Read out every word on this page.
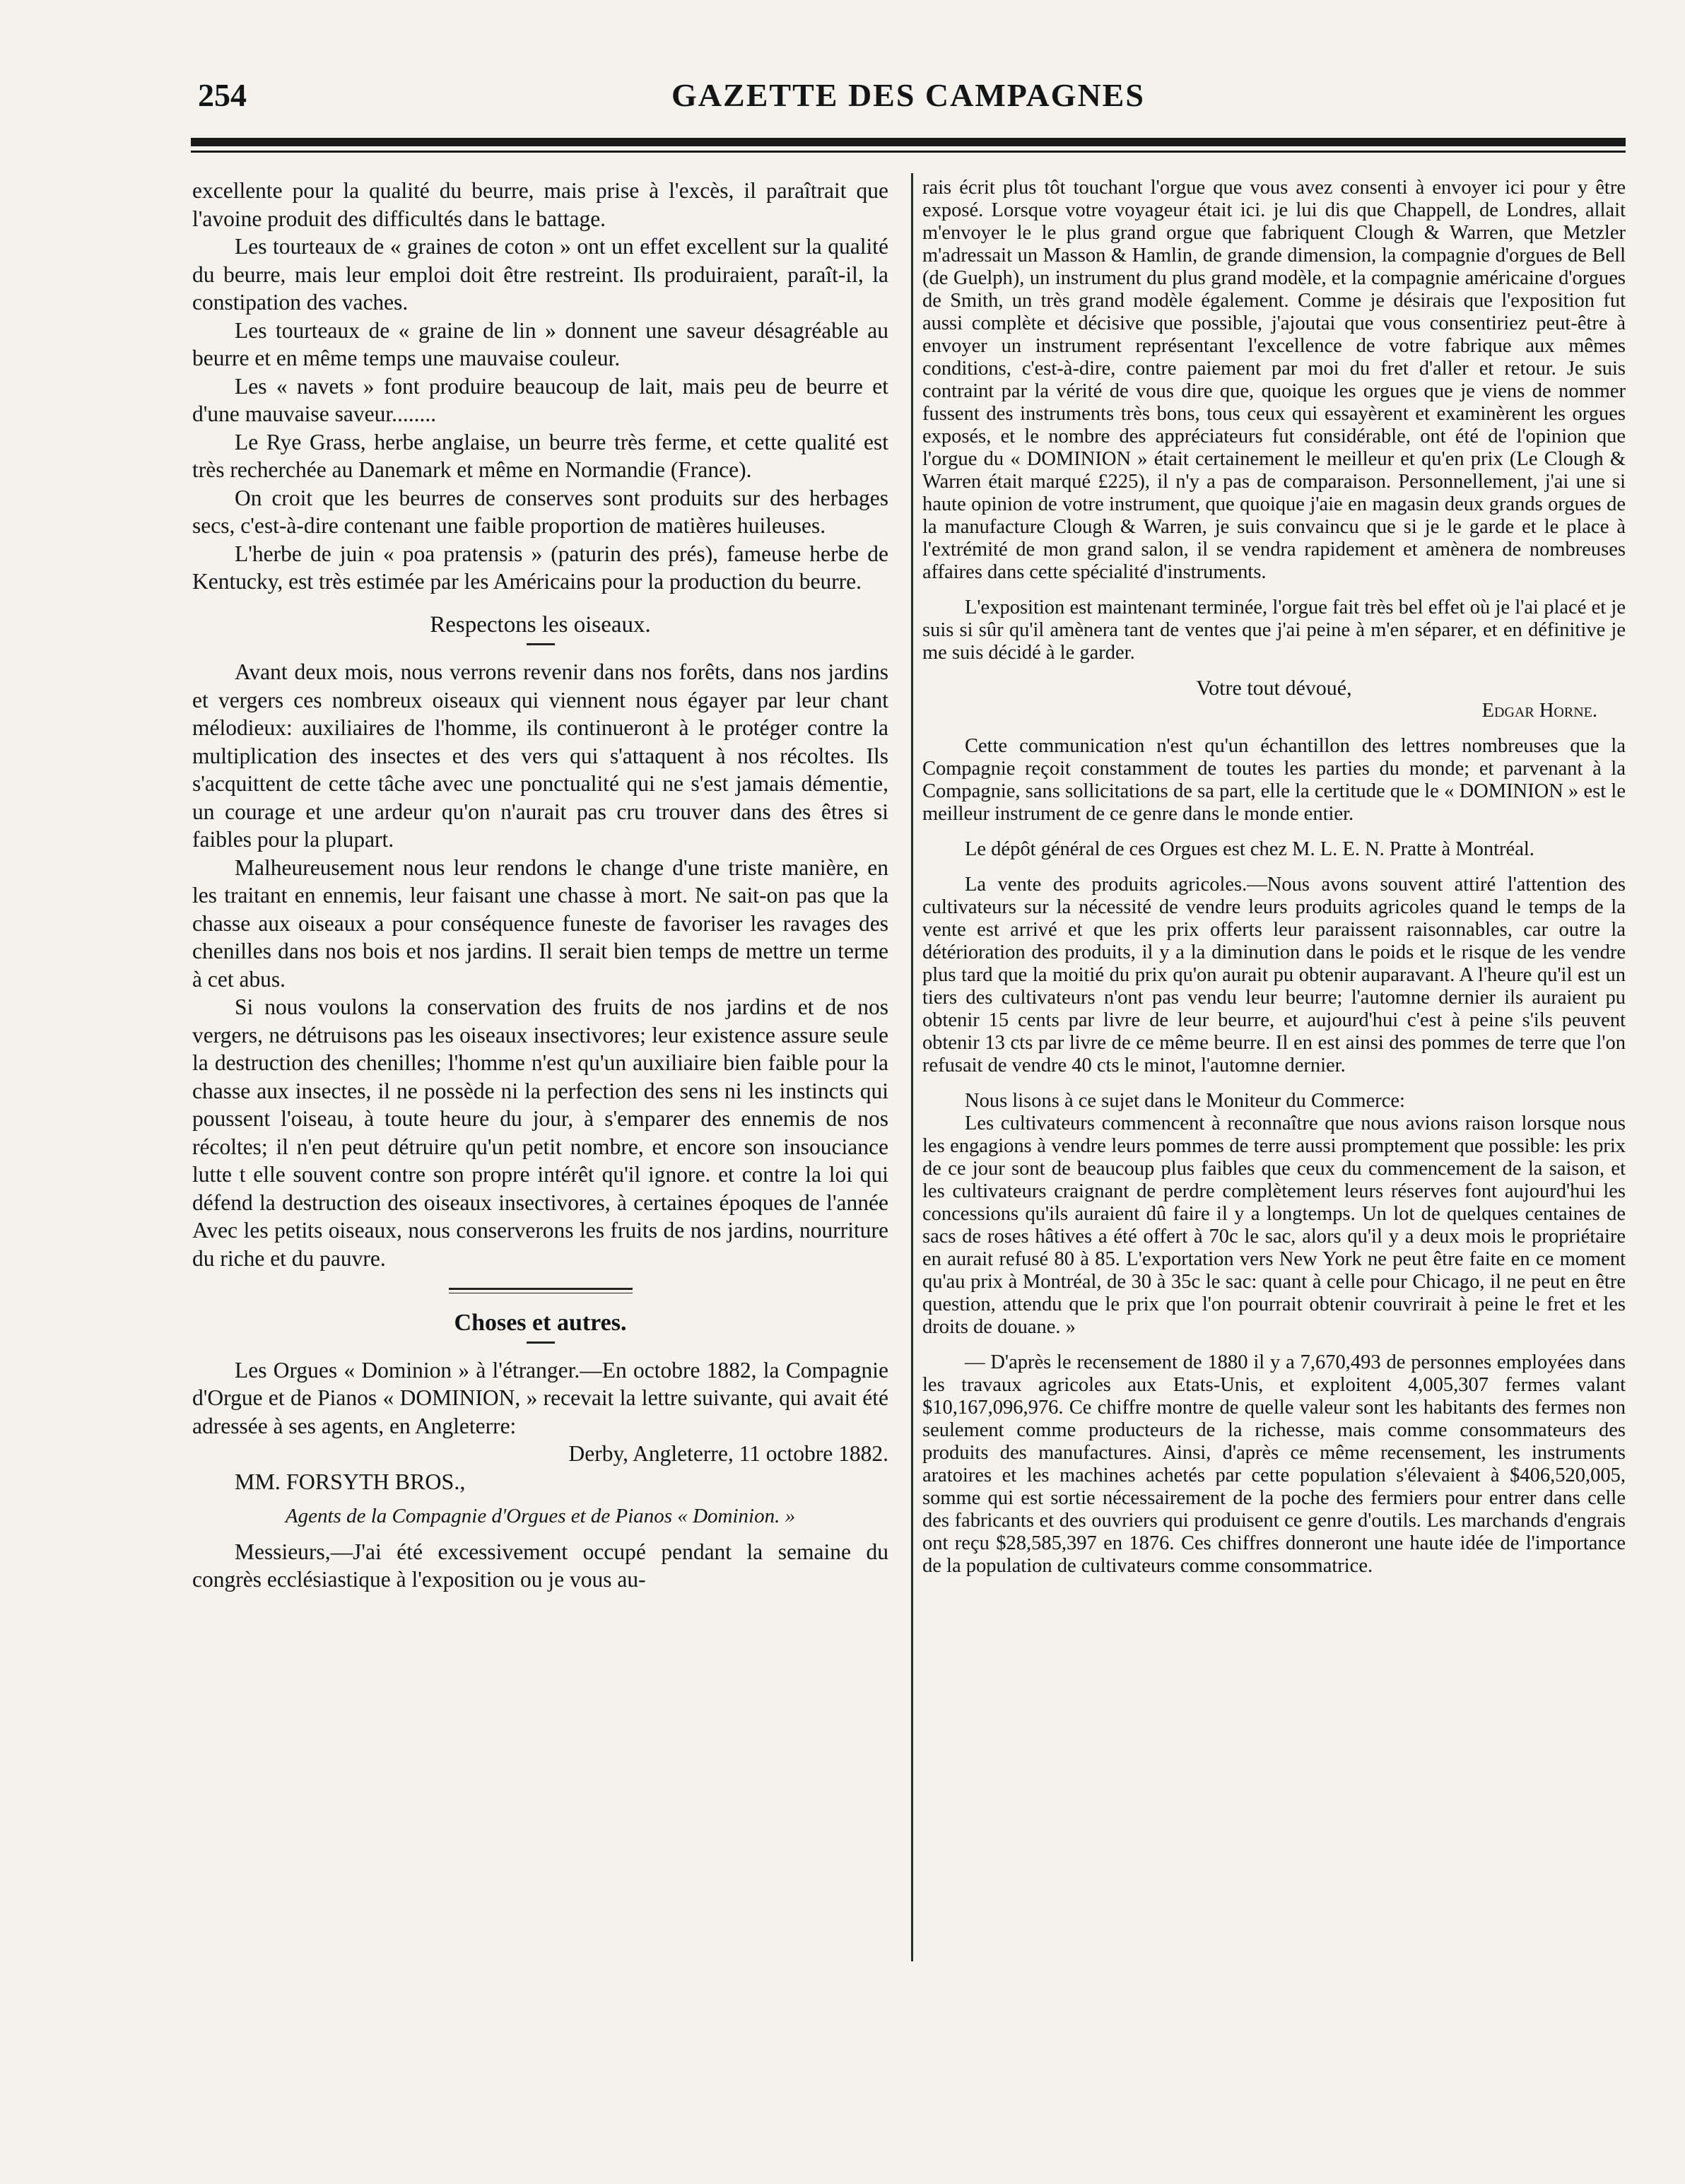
254	GAZETTE DES CAMPAGNES

excellente pour la qualité du beurre, mais prise à l'excès, il paraîtrait que l'avoine produit des difficultés dans le battage.

Les tourteaux de « graines de coton » ont un effet excellent sur la qualité du beurre, mais leur emploi doit être restreint. Ils produiraient, paraît-il, la constipation des vaches.

Les tourteaux de « graine de lin » donnent une saveur désagréable au beurre et en même temps une mauvaise couleur.

Les « navets » font produire beaucoup de lait, mais peu de beurre et d'une mauvaise saveur........

Le Rye Grass, herbe anglaise, un beurre très ferme, et cette qualité est très recherchée au Danemark et même en Normandie (France).

On croit que les beurres de conserves sont produits sur des herbages secs, c'est-à-dire contenant une faible proportion de matières huileuses.

L'herbe de juin « poa pratensis » (paturin des prés), fameuse herbe de Kentucky, est très estimée par les Américains pour la production du beurre.

Respectons les oiseaux.

Avant deux mois, nous verrons revenir dans nos forêts, dans nos jardins et vergers ces nombreux oiseaux qui viennent nous égayer par leur chant mélodieux: auxiliaires de l'homme, ils continueront à le protéger contre la multiplication des insectes et des vers qui s'attaquent à nos récoltes. Ils s'acquittent de cette tâche avec une ponctualité qui ne s'est jamais démentie, un courage et une ardeur qu'on n'aurait pas cru trouver dans des êtres si faibles pour la plupart.

Malheureusement nous leur rendons le change d'une triste manière, en les traitant en ennemis, leur faisant une chasse à mort. Ne sait-on pas que la chasse aux oiseaux a pour conséquence funeste de favoriser les ravages des chenilles dans nos bois et nos jardins. Il serait bien temps de mettre un terme à cet abus.

Si nous voulons la conservation des fruits de nos jardins et de nos vergers, ne détruisons pas les oiseaux insectivores; leur existence assure seule la destruction des chenilles; l'homme n'est qu'un auxiliaire bien faible pour la chasse aux insectes, il ne possède ni la perfection des sens ni les instincts qui poussent l'oiseau, à toute heure du jour, à s'emparer des ennemis de nos récoltes; il n'en peut détruire qu'un petit nombre, et encore son insouciance lutte t elle souvent contre son propre intérêt qu'il ignore. et contre la loi qui défend la destruction des oiseaux insectivores, à certaines époques de l'année Avec les petits oiseaux, nous conserverons les fruits de nos jardins, nourriture du riche et du pauvre.

Choses et autres.

Les Orgues « Dominion » à l'étranger.—En octobre 1882, la Compagnie d'Orgue et de Pianos « DOMINION, » recevait la lettre suivante, qui avait été adressée à ses agents, en Angleterre:

Derby, Angleterre, 11 octobre 1882.

MM. FORSYTH BROS.,

Agents de la Compagnie d'Orgues et de Pianos « Dominion. »

Messieurs,—J'ai été excessivement occupé pendant la semaine du congrès ecclésiastique à l'exposition ou je vous au-

rais écrit plus tôt touchant l'orgue que vous avez consenti à envoyer ici pour y être exposé. Lorsque votre voyageur était ici. je lui dis que Chappell, de Londres, allait m'envoyer le le plus grand orgue que fabriquent Clough & Warren, que Metzler m'adressait un Masson & Hamlin, de grande dimension, la compagnie d'orgues de Bell (de Guelph), un instrument du plus grand modèle, et la compagnie américaine d'orgues de Smith, un très grand modèle également. Comme je désirais que l'exposition fut aussi complète et décisive que possible, j'ajoutai que vous consentiriez peut-être à envoyer un instrument représentant l'excellence de votre fabrique aux mêmes conditions, c'est-à-dire, contre paiement par moi du fret d'aller et retour. Je suis contraint par la vérité de vous dire que, quoique les orgues que je viens de nommer fussent des instruments très bons, tous ceux qui essayèrent et examinèrent les orgues exposés, et le nombre des appréciateurs fut considérable, ont été de l'opinion que l'orgue du « DOMINION » était certainement le meilleur et qu'en prix (Le Clough & Warren était marqué £225), il n'y a pas de comparaison. Personnellement, j'ai une si haute opinion de votre instrument, que quoique j'aie en magasin deux grands orgues de la manufacture Clough & Warren, je suis convaincu que si je le garde et le place à l'extrémité de mon grand salon, il se vendra rapidement et amènera de nombreuses affaires dans cette spécialité d'instruments.

L'exposition est maintenant terminée, l'orgue fait très bel effet où je l'ai placé et je suis si sûr qu'il amènera tant de ventes que j'ai peine à m'en séparer, et en définitive je me suis décidé à le garder.

Votre tout dévoué,

Edgar Horne.

Cette communication n'est qu'un échantillon des lettres nombreuses que la Compagnie reçoit constamment de toutes les parties du monde; et parvenant à la Compagnie, sans sollicitations de sa part, elle la certitude que le « DOMINION » est le meilleur instrument de ce genre dans le monde entier.

Le dépôt général de ces Orgues est chez M. L. E. N. Pratte à Montréal.

La vente des produits agricoles.—Nous avons souvent attiré l'attention des cultivateurs sur la nécessité de vendre leurs produits agricoles quand le temps de la vente est arrivé et que les prix offerts leur paraissent raisonnables, car outre la détérioration des produits, il y a la diminution dans le poids et le risque de les vendre plus tard que la moitié du prix qu'on aurait pu obtenir auparavant. A l'heure qu'il est un tiers des cultivateurs n'ont pas vendu leur beurre; l'automne dernier ils auraient pu obtenir 15 cents par livre de leur beurre, et aujourd'hui c'est à peine s'ils peuvent obtenir 13 cts par livre de ce même beurre. Il en est ainsi des pommes de terre que l'on refusait de vendre 40 cts le minot, l'automne dernier.

Nous lisons à ce sujet dans le Moniteur du Commerce:

Les cultivateurs commencent à reconnaître que nous avions raison lorsque nous les engagions à vendre leurs pommes de terre aussi promptement que possible: les prix de ce jour sont de beaucoup plus faibles que ceux du commencement de la saison, et les cultivateurs craignant de perdre complètement leurs réserves font aujourd'hui les concessions qu'ils auraient dû faire il y a longtemps. Un lot de quelques centaines de sacs de roses hâtives a été offert à 70c le sac, alors qu'il y a deux mois le propriétaire en aurait refusé 80 à 85. L'exportation vers New York ne peut être faite en ce moment qu'au prix à Montréal, de 30 à 35c le sac: quant à celle pour Chicago, il ne peut en être question, attendu que le prix que l'on pourrait obtenir couvrirait à peine le fret et les droits de douane. »

— D'après le recensement de 1880 il y a 7,670,493 de personnes employées dans les travaux agricoles aux Etats-Unis, et exploitent 4,005,307 fermes valant $10,167,096,976. Ce chiffre montre de quelle valeur sont les habitants des fermes non seulement comme producteurs de la richesse, mais comme consommateurs des produits des manufactures. Ainsi, d'après ce même recensement, les instruments aratoires et les machines achetés par cette population s'élevaient à $406,520,005, somme qui est sortie nécessairement de la poche des fermiers pour entrer dans celle des fabricants et des ouvriers qui produisent ce genre d'outils. Les marchands d'engrais ont reçu $28,585,397 en 1876. Ces chiffres donneront une haute idée de l'importance de la population de cultivateurs comme consommatrice.
